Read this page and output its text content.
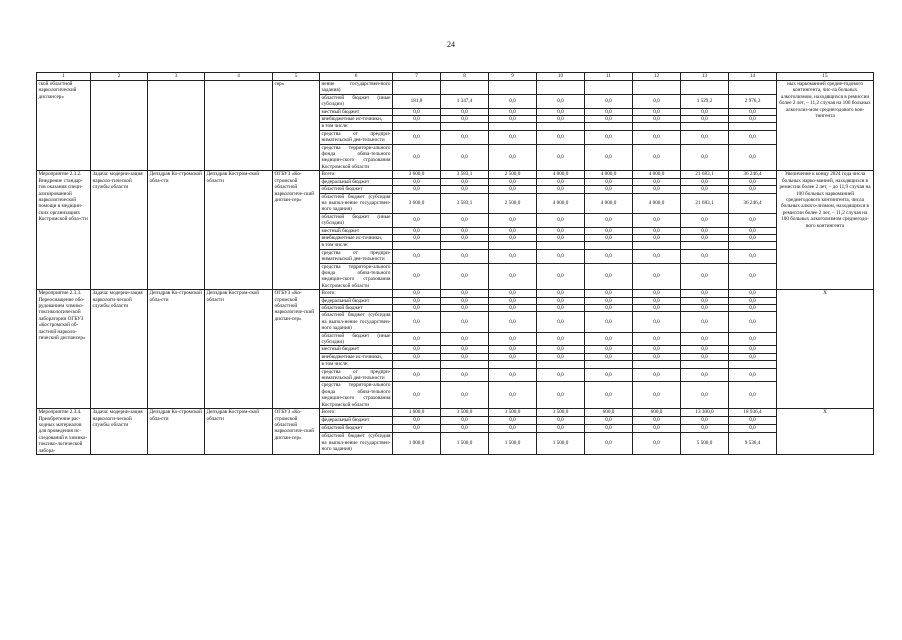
24
1	2	3	4	5	6	7	8	9	10	11	12	13	14	15
ской областной наркологический диспансер»				сер»	нение государствен-ного задания)									ных наркоманией средне-годового контингента, чис-ла больных алкоголизмом, находящихся в ремиссии более 2 лет, – 11,2 случая на 100 больных алкоголиз-мом среднегодового кон-тингента
					областной бюджет (иные субсидии)	181,8	1 347,4	0,0	0,0	0,0	0,0	1 529,2	2 976,3	
					местный бюджет	0,0	0,0	0,0	0,0	0,0	0,0	0,0	0,0	
					внебюджетные ис-точники,	0,0	0,0	0,0	0,0	0,0	0,0	0,0	0,0	
					в том числе:									
					средства от предпри-нимательской дея-тельности	0,0	0,0	0,0	0,0	0,0	0,0	0,0	0,0	
					средства территори-ального фонда обяза-тельного медицин-ского страхования Костромской области	0,0	0,0	0,0	0,0	0,0	0,0	0,0	0,0	
Мероприятие 2.3.2. Внедрение стандар-тов оказания специ-ализированной наркологической помощи в медицин-ских организациях Костромской обла-сти	Задача: модерни-зация нарколо-гической службы области	Депздрав Ко-стромской обла-сти	Депздрав Костром-ской области	ОГБУЗ «Ко-стромской областной наркологиче-ский диспан-сер»	Всего:	3 600,0	3 583,1	2 500,0	4 000,0	4 000,0	4 000,0	21 683,1	36 246,4	Увеличение к концу 2024 года числа больных нарко-манией, находящихся в ремиссии более 2 лет, – до 11,9 случая на 100 больных наркоманией среднегодового контингента, числа больных алкого-лизмом, находящихся в ремиссии более 2 лет, – 11,2 случая на 100 больных алкоголизмом среднегодо-вого контингента
					федеральный бюджет	0,0	0,0	0,0	0,0	0,0	0,0	0,0	0,0	
					областной бюджет	0,0	0,0	0,0	0,0	0,0	0,0	0,0	0,0	
					областной бюджет (субсидия на выпол-нение государствен-ного задания)	3 600,0	3 583,1	2 500,0	4 000,0	4 000,0	4 000,0	21 683,1	36 246,4	
					областной бюджет (иные субсидии)	0,0	0,0	0,0	0,0	0,0	0,0	0,0	0,0	
					местный бюджет	0,0	0,0	0,0	0,0	0,0	0,0	0,0	0,0	
					внебюджетные ис-точники,	0,0	0,0	0,0	0,0	0,0	0,0	0,0	0,0	
					в том числе:									
					средства от предпри-нимательской дея-тельности	0,0	0,0	0,0	0,0	0,0	0,0	0,0	0,0	
					средства территори-ального фонда обяза-тельного медицин-ского страхования Костромской области	0,0	0,0	0,0	0,0	0,0	0,0	0,0	0,0	
Мероприятие 2.3.3. Переоснащение обо-рудованием химико-токсикологической лаборатории ОГБУЗ «Костромской об-ластной нарколо-гический диспансер»	Задача: модерни-зация наркологи-ческой службы области	Депздрав Ко-стромской обла-сти	Депздрав Костром-ской области	ОГБУЗ «Ко-стромской областной наркологиче-ский диспан-сер»	Всего:	0,0	0,0	0,0	0,0	0,0	0,0	0,0	0,0	Х
					федеральный бюджет	0,0	0,0	0,0	0,0	0,0	0,0	0,0	0,0	
					областной бюджет	0,0	0,0	0,0	0,0	0,0	0,0	0,0	0,0	
					областной бюджет (субсидия на выпол-нение государствен-ного задания)	0,0	0,0	0,0	0,0	0,0	0,0	0,0	0,0	
					областной бюджет (иные субсидии)	0,0	0,0	0,0	0,0	0,0	0,0	0,0	0,0	
					местный бюджет	0,0	0,0	0,0	0,0	0,0	0,0	0,0	0,0	
					внебюджетные ис-точники,	0,0	0,0	0,0	0,0	0,0	0,0	0,0	0,0	
					в том числе:									
					средства от предпри-нимательской дея-тельности	0,0	0,0	0,0	0,0	0,0	0,0	0,0	0,0	
					средства территори-ального фонда обяза-тельного медицин-ского страхования Костромской области	0,0	0,0	0,0	0,0	0,0	0,0	0,0	0,0	
Мероприятие 2.3.4. Приобретение рас-ходных материалов для проведения ис-следований в химико-токсико-логической лабора-	Задача: модерни-зация наркологи-ческой службы области	Депздрав Ко-стромской обла-сти	Депздрав Костром-ской области	ОГБУЗ «Ко-стромской областной наркологиче-ский диспан-сер»	Всего:	1 600,0	3 500,0	3 500,0	3 500,0	600,0	600,0	13 300,0	18 936,4	Х
					федеральный бюджет	0,0	0,0	0,0	0,0	0,0	0,0	0,0	0,0	
					областной бюджет	0,0	0,0	0,0	0,0	0,0	0,0	0,0	0,0	
					областной бюджет (субсидия на выпол-нение государствен-ного задания)	1 000,0	1 500,0	1 500,0	1 500,0	0,0	0,0	5 500,0	9 536,4	
